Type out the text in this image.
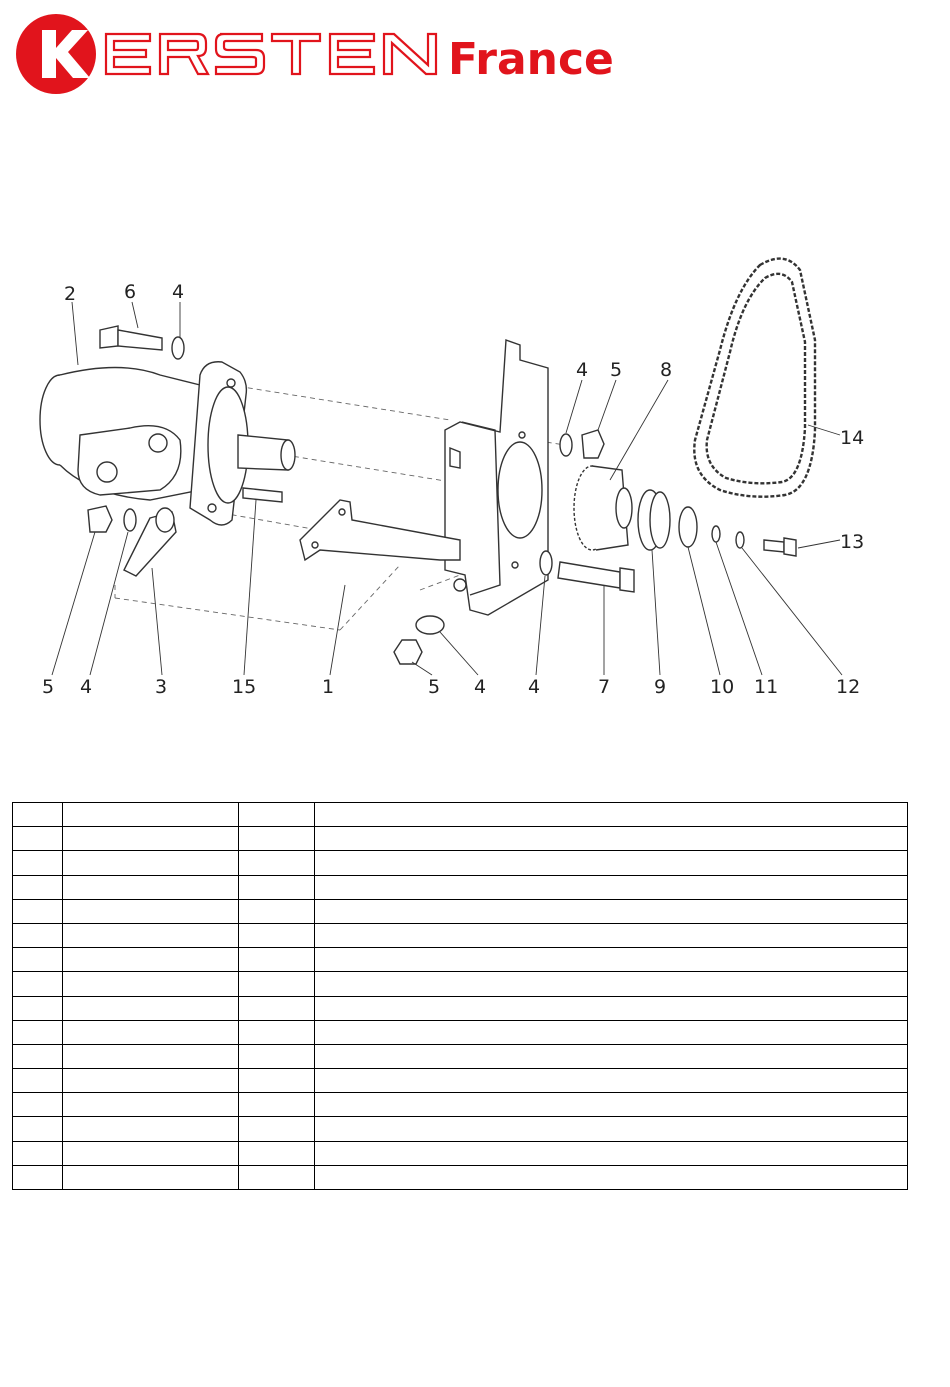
France
2	6 4
4 5 8
14
13
5 4	3	15	1	5 4 4	7 9 10 11	12
